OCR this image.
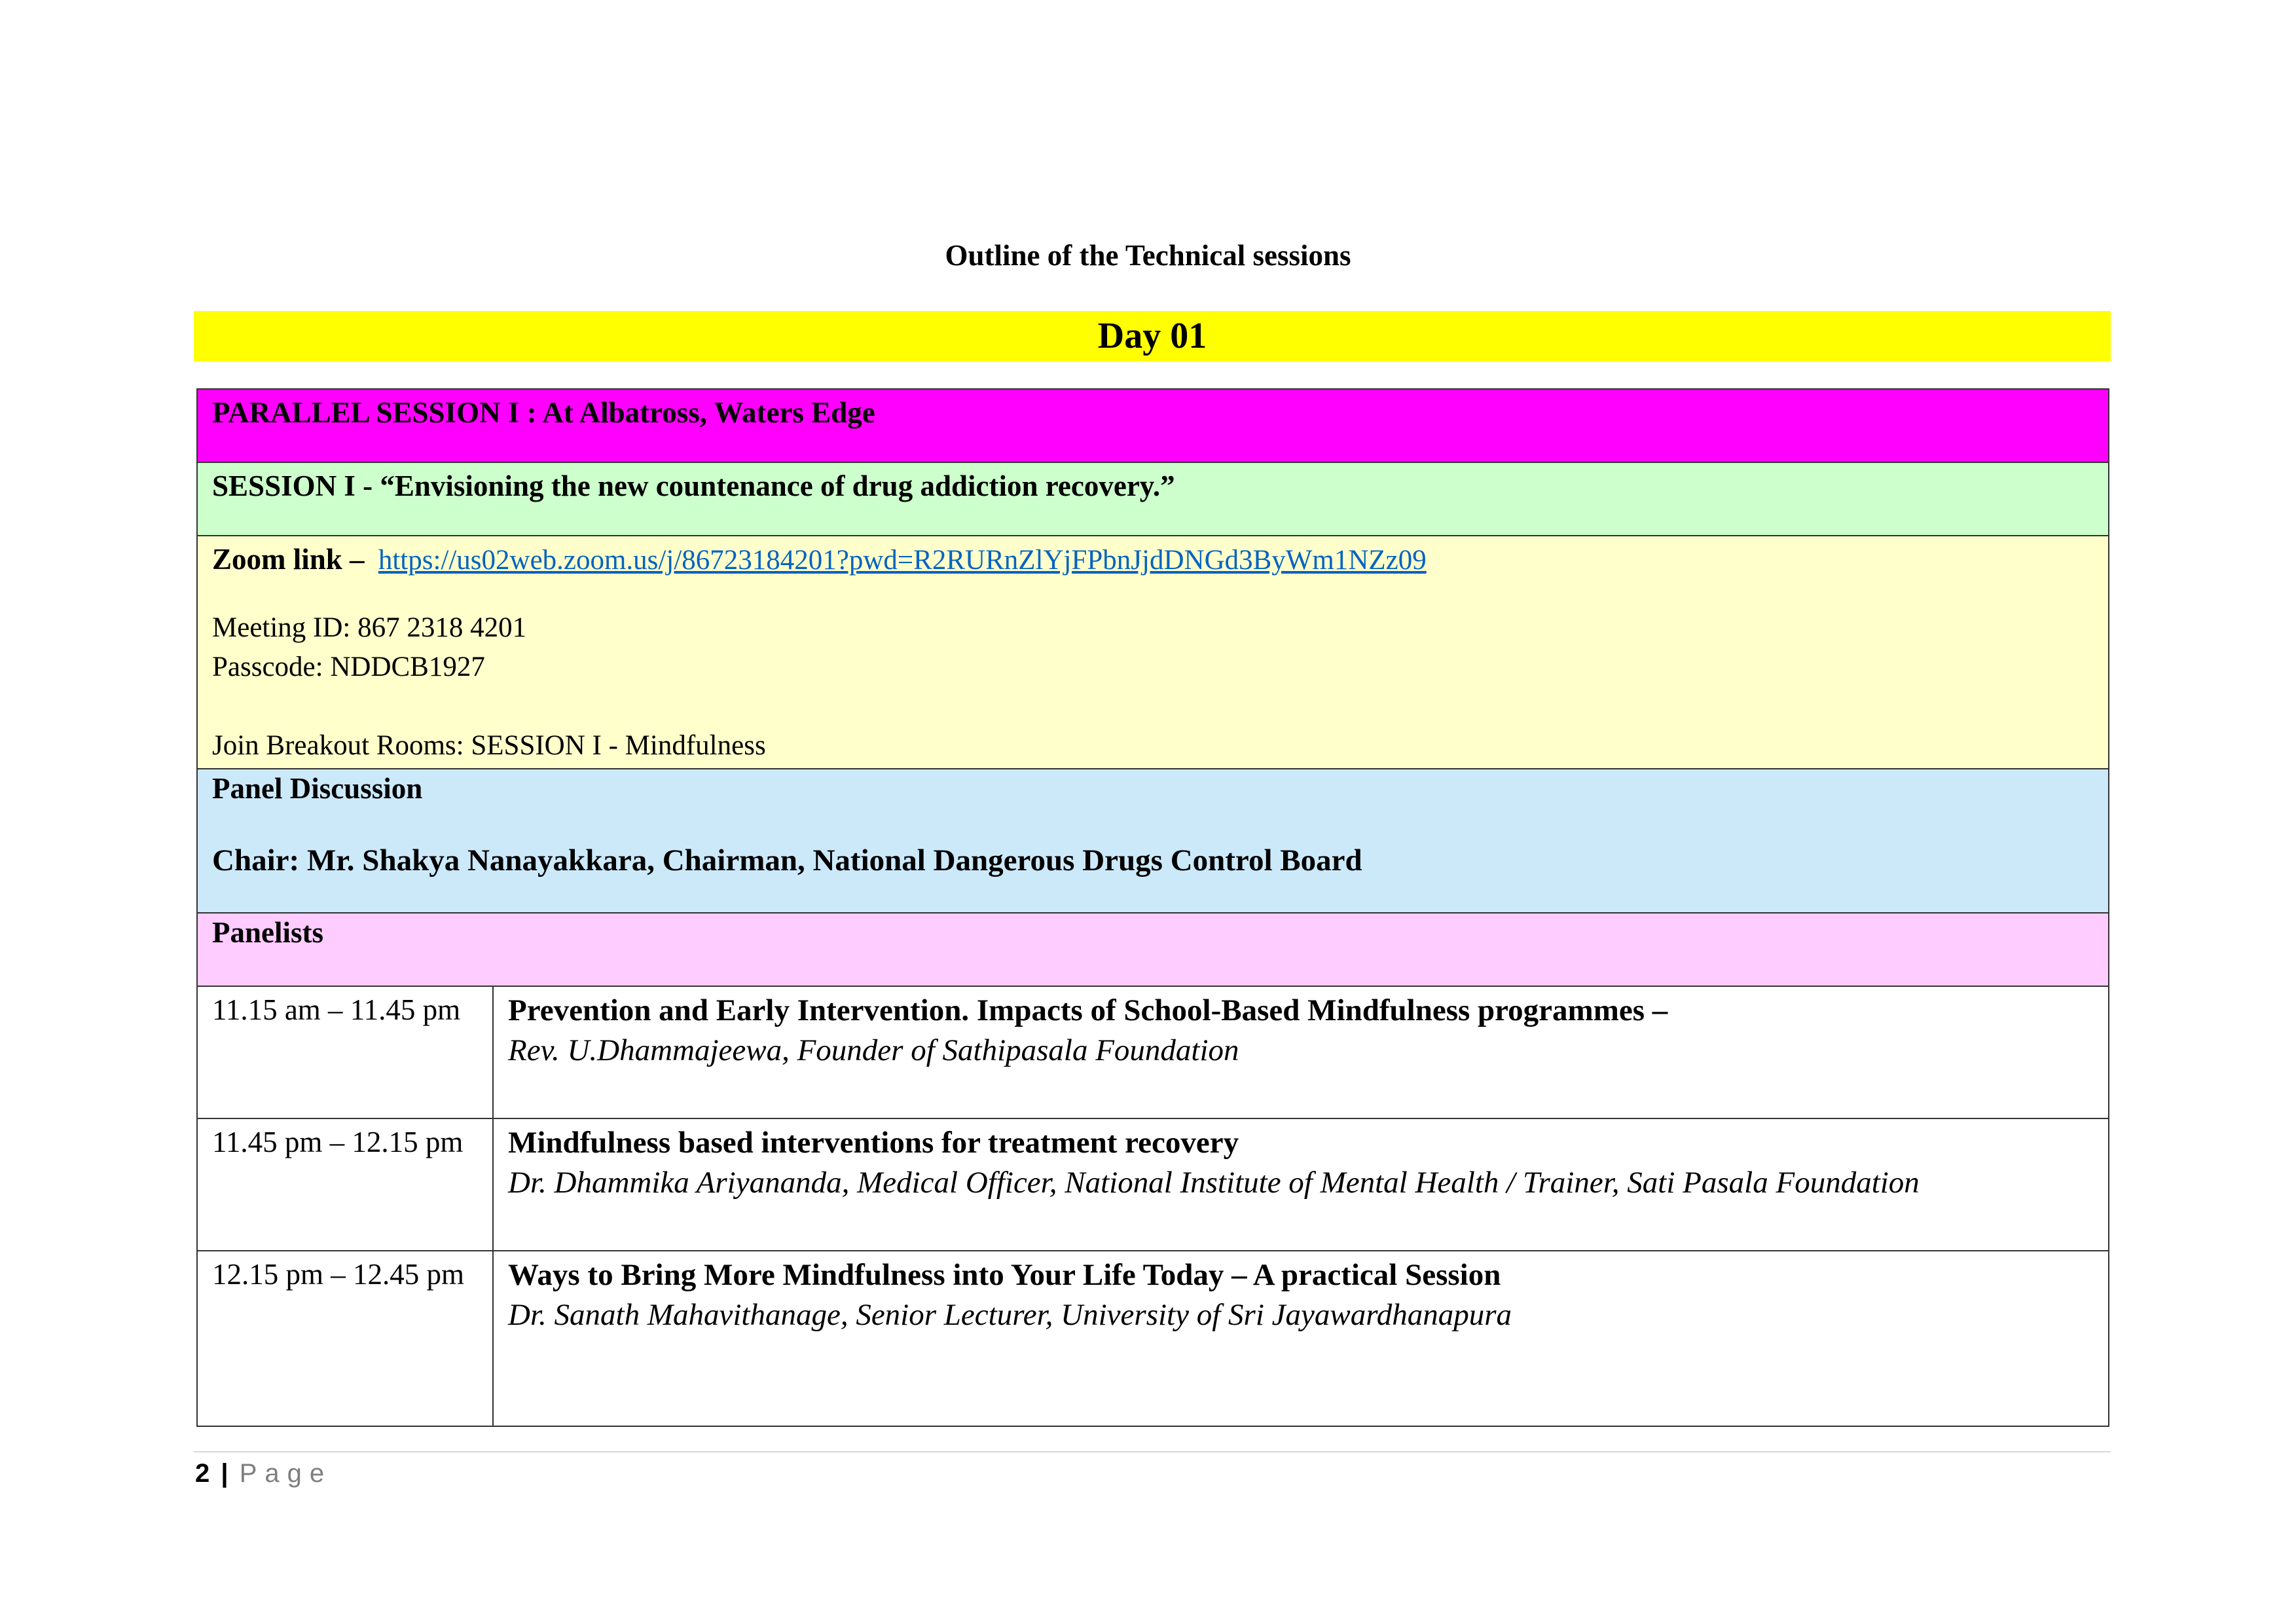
Outline of the Technical sessions
Day 01
PARALLEL SESSION I : At Albatross, Waters Edge	

SESSION I - “Envisioning the new countenance of drug addiction recovery.”	

Zoom link – https://us02web.zoom.us/j/86723184201?pwd=R2RURnZlYjFPbnJjdDNGd3ByWm1NZz09
Meeting ID: 867 2318 4201
Passcode: NDDCB1927
Join Breakout Rooms: SESSION I - Mindfulness	

Panel Discussion
Chair: Mr. Shakya Nanayakkara, Chairman, National Dangerous Drugs Control Board	

Panelists	

11.15 am – 11.45 pm	Prevention and Early Intervention. Impacts of School-Based Mindfulness programmes –
Rev. U.Dhammajeewa, Founder of Sathipasala Foundation

11.45 pm – 12.15 pm	Mindfulness based interventions for treatment recovery
Dr. Dhammika Ariyananda, Medical Officer, National Institute of Mental Health / Trainer, Sati Pasala Foundation

12.15 pm – 12.45 pm	Ways to Bring More Mindfulness into Your Life Today – A practical Session
Dr. Sanath Mahavithanage, Senior Lecturer, University of Sri Jayawardhanapura
2 | Page
